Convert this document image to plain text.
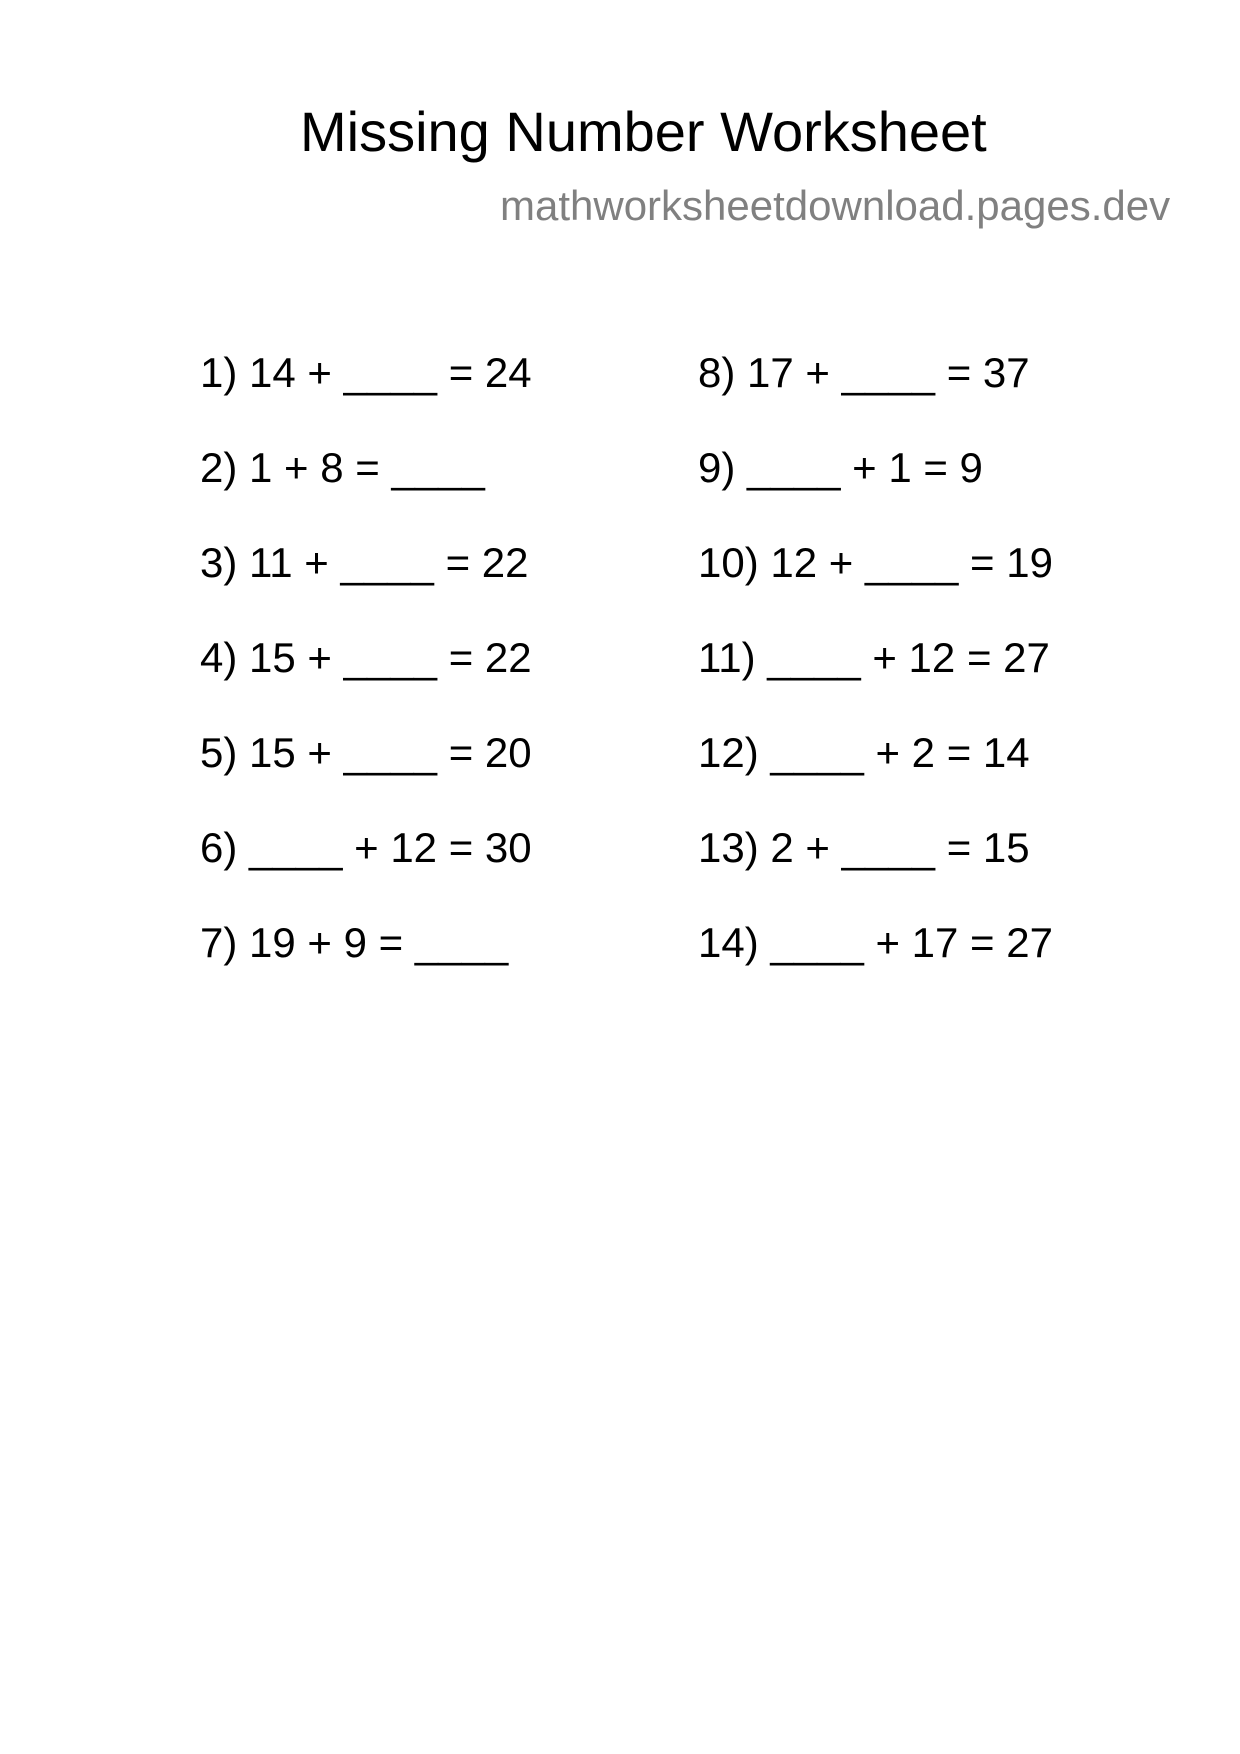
Missing Number Worksheet
mathworksheetdownload.pages.dev
1) 14 + ____ = 24
2) 1 + 8 = ____
3) 11 + ____ = 22
4) 15 + ____ = 22
5) 15 + ____ = 20
6) ____ + 12 = 30
7) 19 + 9 = ____
8) 17 + ____ = 37
9) ____ + 1 = 9
10) 12 + ____ = 19
11) ____ + 12 = 27
12) ____ + 2 = 14
13) 2 + ____ = 15
14) ____ + 17 = 27
